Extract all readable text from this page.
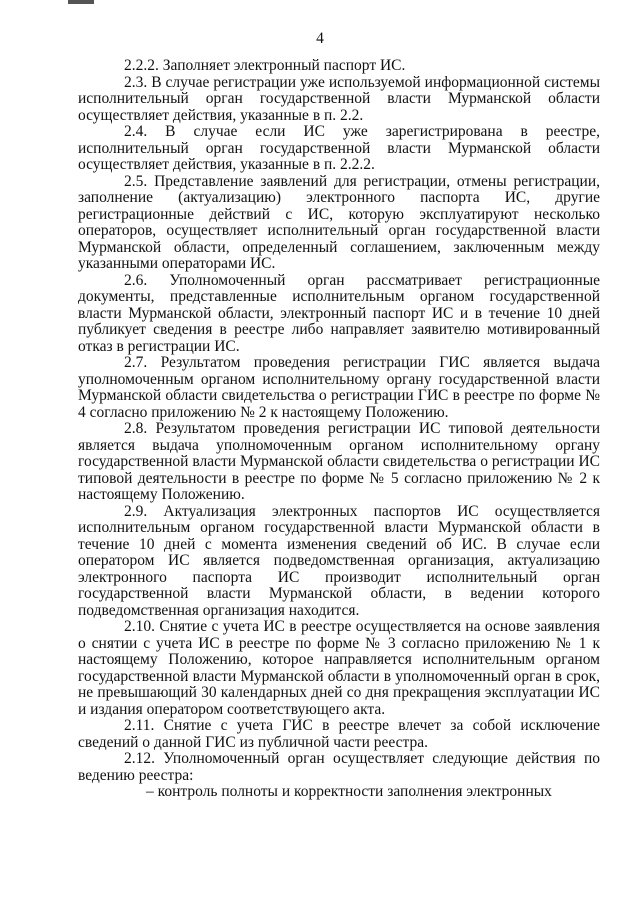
4

2.2.2. Заполняет электронный паспорт ИС.

2.3. В случае регистрации уже используемой информационной системы исполнительный орган государственной власти Мурманской области осуществляет действия, указанные в п. 2.2.

2.4. В случае если ИС уже зарегистрирована в реестре, исполнительный орган государственной власти Мурманской области осуществляет действия, указанные в п. 2.2.2.

2.5. Представление заявлений для регистрации, отмены регистрации, заполнение (актуализацию) электронного паспорта ИС, другие регистрационные действий с ИС, которую эксплуатируют несколько операторов, осуществляет исполнительный орган государственной власти Мурманской области, определенный соглашением, заключенным между указанными операторами ИС.

2.6. Уполномоченный орган рассматривает регистрационные документы, представленные исполнительным органом государственной власти Мурманской области, электронный паспорт ИС и в течение 10 дней публикует сведения в реестре либо направляет заявителю мотивированный отказ в регистрации ИС.

2.7. Результатом проведения регистрации ГИС является выдача уполномоченным органом исполнительному органу государственной власти Мурманской области свидетельства о регистрации ГИС в реестре по форме № 4 согласно приложению № 2 к настоящему Положению.

2.8. Результатом проведения регистрации ИС типовой деятельности является выдача уполномоченным органом исполнительному органу государственной власти Мурманской области свидетельства о регистрации ИС типовой деятельности в реестре по форме № 5 согласно приложению № 2 к настоящему Положению.

2.9. Актуализация электронных паспортов ИС осуществляется исполнительным органом государственной власти Мурманской области в течение 10 дней с момента изменения сведений об ИС. В случае если оператором ИС является подведомственная организация, актуализацию электронного паспорта ИС производит исполнительный орган государственной власти Мурманской области, в ведении которого подведомственная организация находится.

2.10. Снятие с учета ИС в реестре осуществляется на основе заявления о снятии с учета ИС в реестре по форме № 3 согласно приложению № 1 к настоящему Положению, которое направляется исполнительным органом государственной власти Мурманской области в уполномоченный орган в срок, не превышающий 30 календарных дней со дня прекращения эксплуатации ИС и издания оператором соответствующего акта.

2.11. Снятие с учета ГИС в реестре влечет за собой исключение сведений о данной ГИС из публичной части реестра.

2.12. Уполномоченный орган осуществляет следующие действия по ведению реестра:

– контроль полноты и корректности заполнения электронных
